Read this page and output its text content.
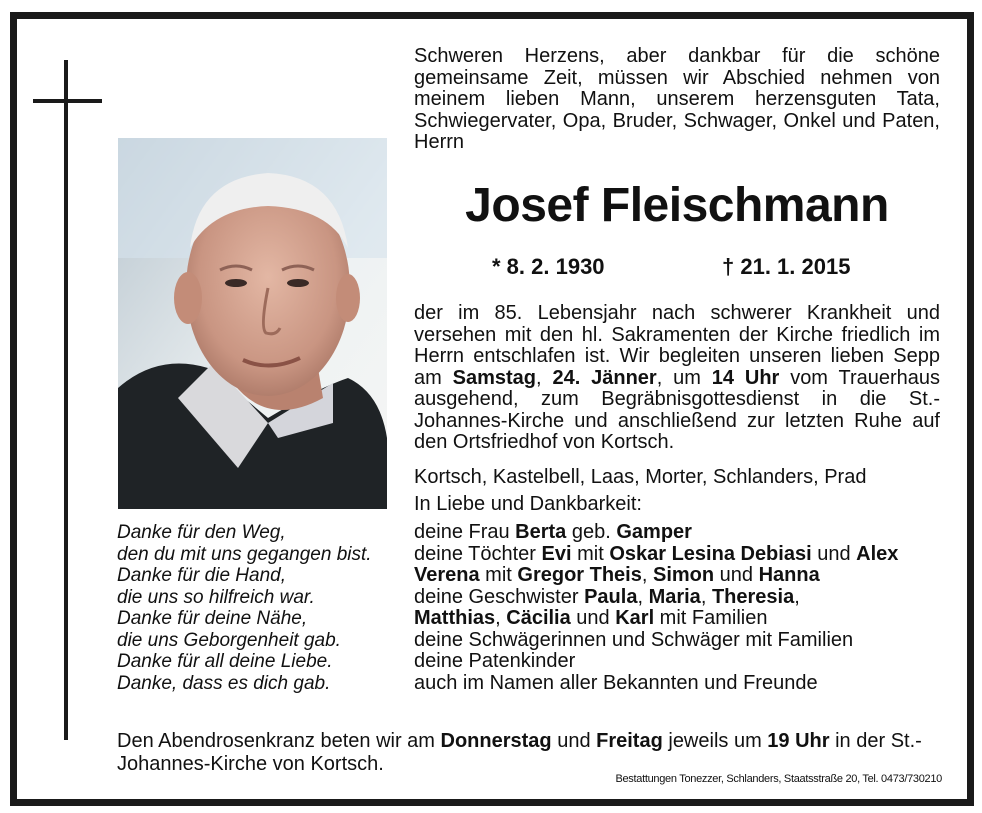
Schweren Herzens, aber dankbar für die schöne gemeinsame Zeit, müssen wir Abschied nehmen von meinem lieben Mann, unserem herzensguten Tata, Schwiegervater, Opa, Bruder, Schwager, Onkel und Paten, Herrn
Josef Fleischmann
* 8. 2. 1930	† 21. 1. 2015
der im 85. Lebensjahr nach schwerer Krankheit und versehen mit den hl. Sakramenten der Kirche friedlich im Herrn entschlafen ist. Wir begleiten unseren lieben Sepp am Samstag, 24. Jänner, um 14 Uhr vom Trauerhaus ausgehend, zum Begräbnisgottesdienst in die St.-Johannes-Kirche und anschließend zur letzten Ruhe auf den Ortsfriedhof von Kortsch.
Kortsch, Kastelbell, Laas, Morter, Schlanders, Prad
In Liebe und Dankbarkeit:
deine Frau Berta geb. Gamper
deine Töchter Evi mit Oskar Lesina Debiasi und Alex
Verena mit Gregor Theis, Simon und Hanna
deine Geschwister Paula, Maria, Theresia,
Matthias, Cäcilia und Karl mit Familien
deine Schwägerinnen und Schwäger mit Familien
deine Patenkinder
auch im Namen aller Bekannten und Freunde
Danke für den Weg,
den du mit uns gegangen bist.
Danke für die Hand,
die uns so hilfreich war.
Danke für deine Nähe,
die uns Geborgenheit gab.
Danke für all deine Liebe.
Danke, dass es dich gab.
Den Abendrosenkranz beten wir am Donnerstag und Freitag jeweils um 19 Uhr in der St.-Johannes-Kirche von Kortsch.
Bestattungen Tonezzer, Schlanders, Staatsstraße 20, Tel. 0473/730210
